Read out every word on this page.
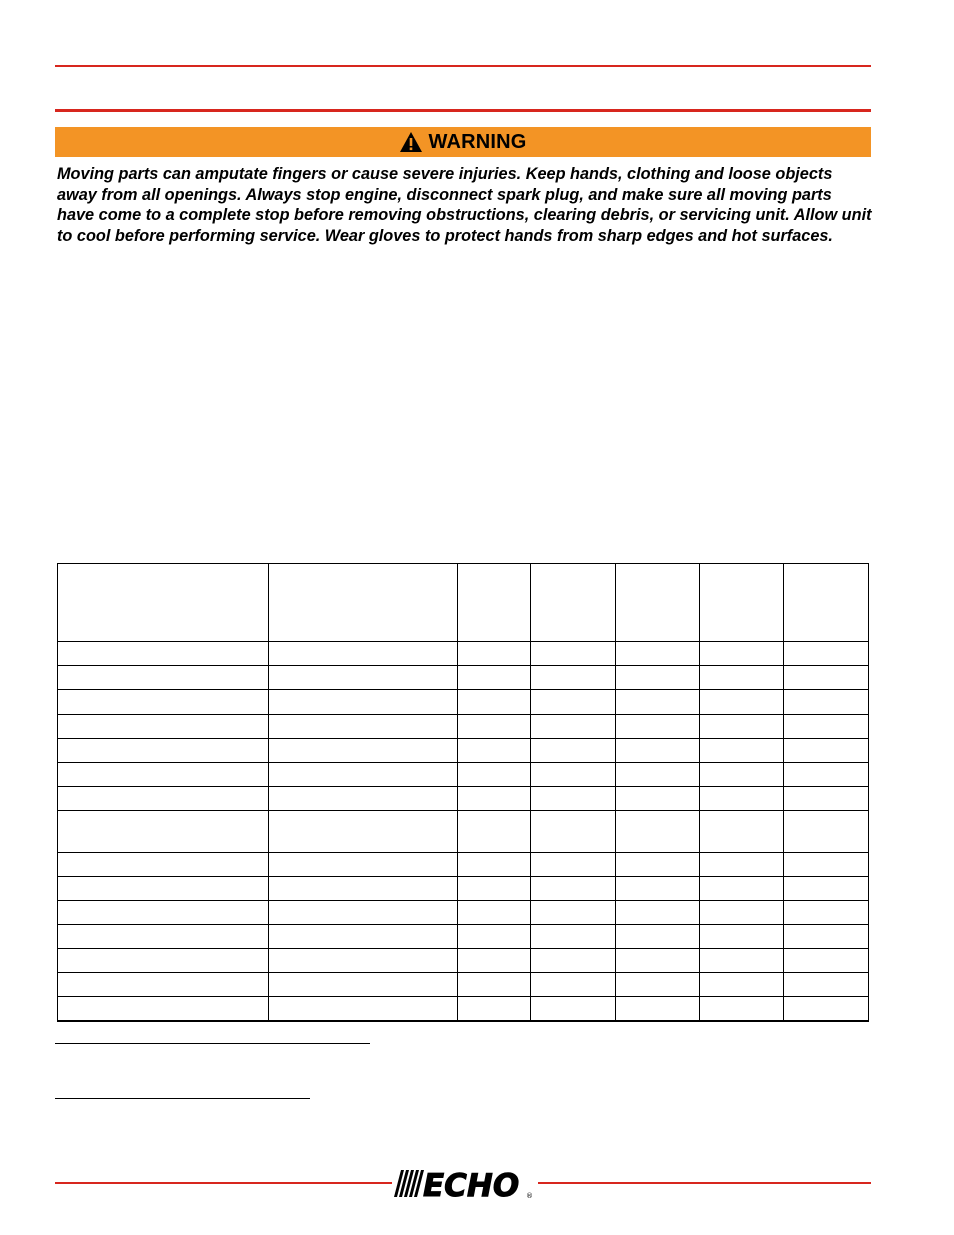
WARNING
Moving parts can amputate fingers or cause severe injuries. Keep hands, clothing and loose objects away from all openings. Always stop engine, disconnect spark plug, and make sure all moving parts have come to a complete stop before removing obstructions, clearing debris, or servicing unit. Allow unit to cool before performing service. Wear gloves to protect hands from sharp edges and hot surfaces.

ECHO ®
